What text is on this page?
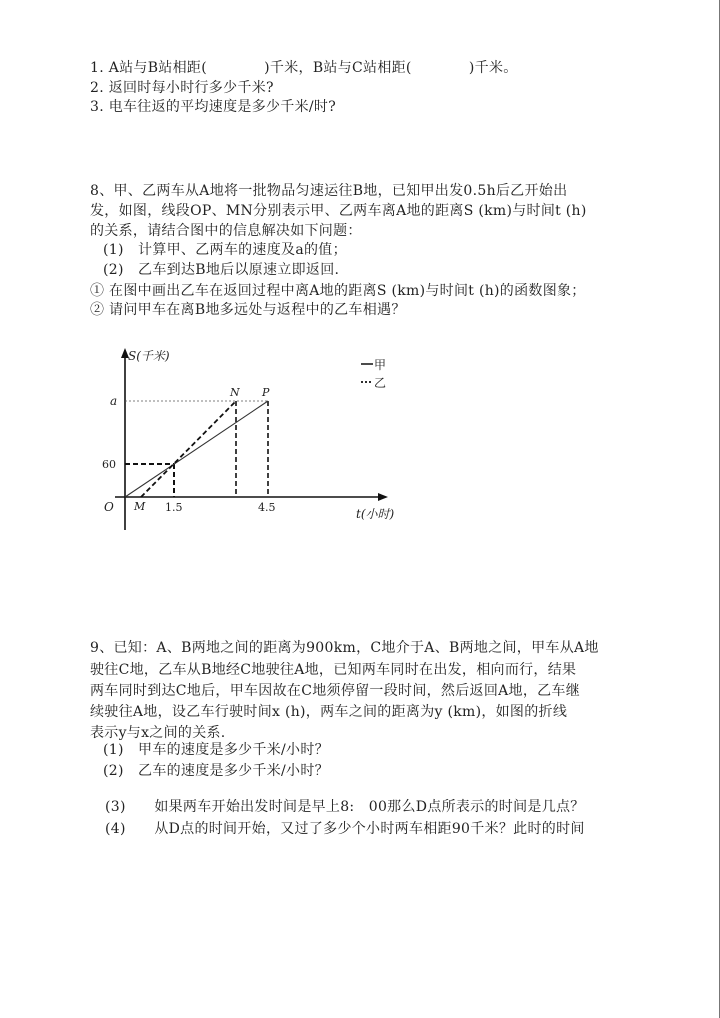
1. A站与B站相距(　　　　)千米，B站与C站相距(　　　　)千米。
2. 返回时每小时行多少千米?
3. 电车往返的平均速度是多少千米/时?
8、甲、乙两车从A地将一批物品匀速运往B地，已知甲出发0.5h后乙开始出
发，如图，线段OP、MN分别表示甲、乙两车离A地的距离S (km)与时间t (h)
的关系，请结合图中的信息解决如下问题：
(1)　计算甲、乙两车的速度及a的值；
(2)　乙车到达B地后以原速立即返回.
① 在图中画出乙车在返回过程中离A地的距离S (km)与时间t (h)的函数图象；
② 请问甲车在离B地多远处与返程中的乙车相遇？
S(千米)
t(小时)
O M
N P
a
60
1.5	4.5
甲
乙
9、已知：A、B两地之间的距离为900km，C地介于A、B两地之间，甲车从A地
驶往C地，乙车从B地经C地驶往A地，已知两车同时在出发，相向而行，结果
两车同时到达C地后，甲车因故在C地须停留一段时间，然后返回A地，乙车继
续驶往A地，设乙车行驶时间x (h)，两车之间的距离为y (km)，如图的折线
表示y与x之间的关系.
(1)　甲车的速度是多少千米/小时？
(2)　乙车的速度是多少千米/小时？
(3)　　如果两车开始出发时间是早上8:　00那么D点所表示的时间是几点？
(4)　　从D点的时间开始，又过了多少个小时两车相距90千米？此时的时间
